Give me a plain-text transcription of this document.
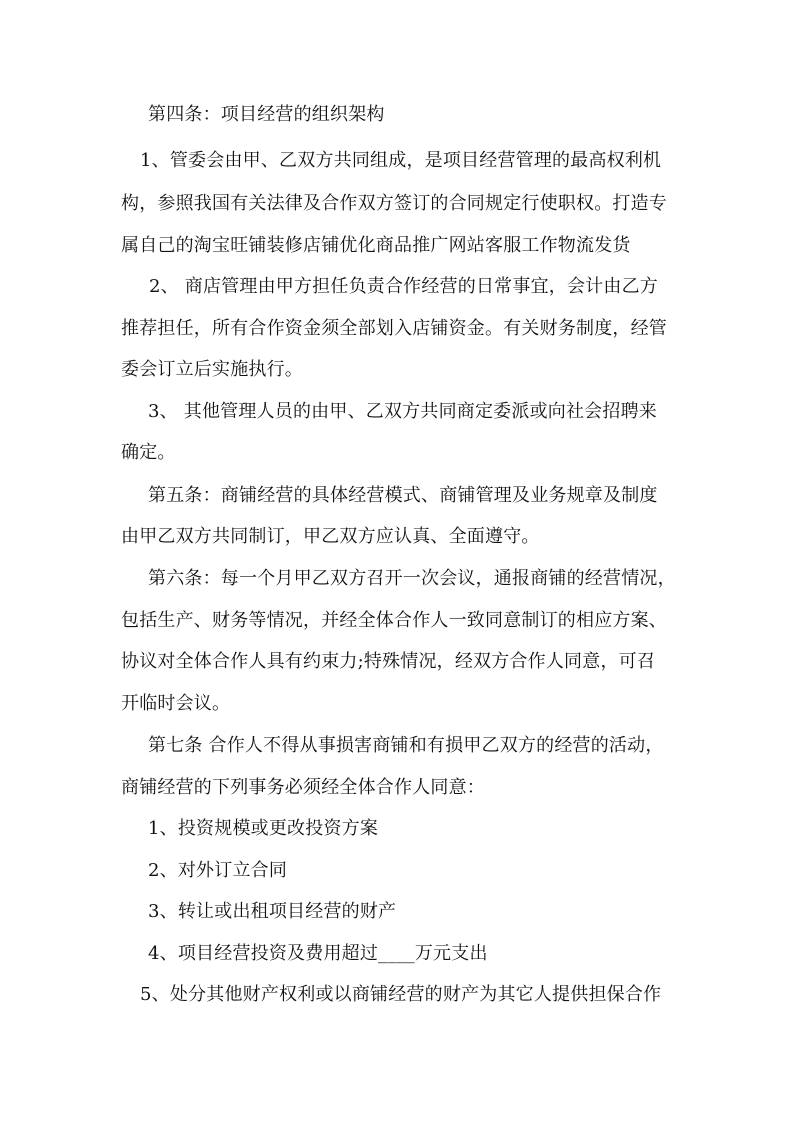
第四条：项目经营的组织架构
1、管委会由甲、乙双方共同组成，是项目经营管理的最高权利机
构，参照我国有关法律及合作双方签订的合同规定行使职权。打造专
属自己的淘宝旺铺装修店铺优化商品推广网站客服工作物流发货
2、 商店管理由甲方担任负责合作经营的日常事宜，会计由乙方
推荐担任，所有合作资金须全部划入店铺资金。有关财务制度，经管
委会订立后实施执行。
3、 其他管理人员的由甲、乙双方共同商定委派或向社会招聘来
确定。
第五条：商铺经营的具体经营模式、商铺管理及业务规章及制度
由甲乙双方共同制订，甲乙双方应认真、全面遵守。
第六条：每一个月甲乙双方召开一次会议，通报商铺的经营情况，
包括生产、财务等情况，并经全体合作人一致同意制订的相应方案、
协议对全体合作人具有约束力;特殊情况，经双方合作人同意，可召
开临时会议。
第七条 合作人不得从事损害商铺和有损甲乙双方的经营的活动，
商铺经营的下列事务必须经全体合作人同意：
1、投资规模或更改投资方案
2、对外订立合同
3、转让或出租项目经营的财产
4、项目经营投资及费用超过____万元支出
5、处分其他财产权利或以商铺经营的财产为其它人提供担保合作
